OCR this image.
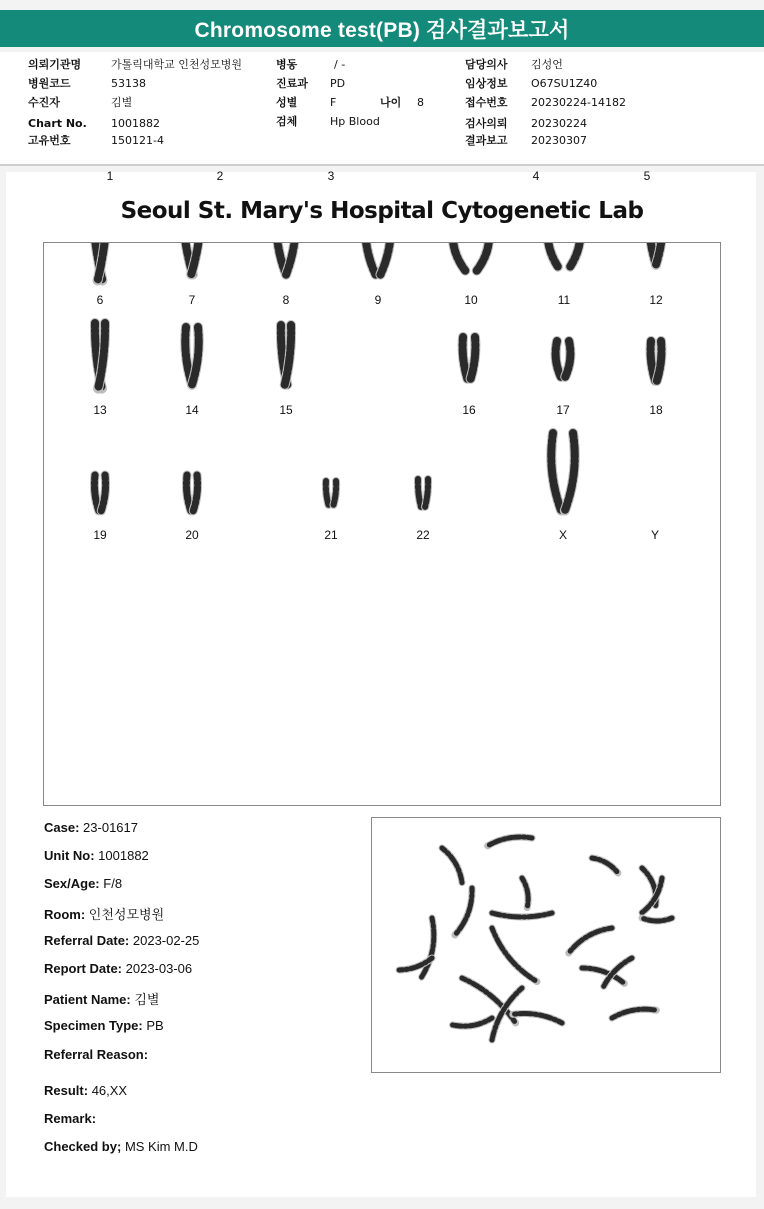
Chromosome test(PB) 검사결과보고서
의뢰기관명	가톨릭대학교 인천성모병원
병원코드	53138
수진자	김별
Chart No. 1001882
고유번호	150121-4
병동	/ -
진료과 PD
성별	F
검체	Hp Blood
나이 8
담당의사 김성언
임상정보 O67SU1Z40
접수번호 20230224-14182
검사의뢰 20230224
결과보고 20230307
Seoul St. Mary's Hospital Cytogenetic Lab
1	2	3	4	5
6	7	8	9	10	11	12
13	14	15	16	17	18
19	20	21	22	X	Y
Case: 23-01617
Unit No: 1001882
Sex/Age: F/8
Room: 인천성모병원
Referral Date: 2023-02-25
Report Date: 2023-03-06
Patient Name: 김별
Specimen Type: PB
Referral Reason:
Result: 46,XX
Remark:
Checked by; MS Kim M.D
